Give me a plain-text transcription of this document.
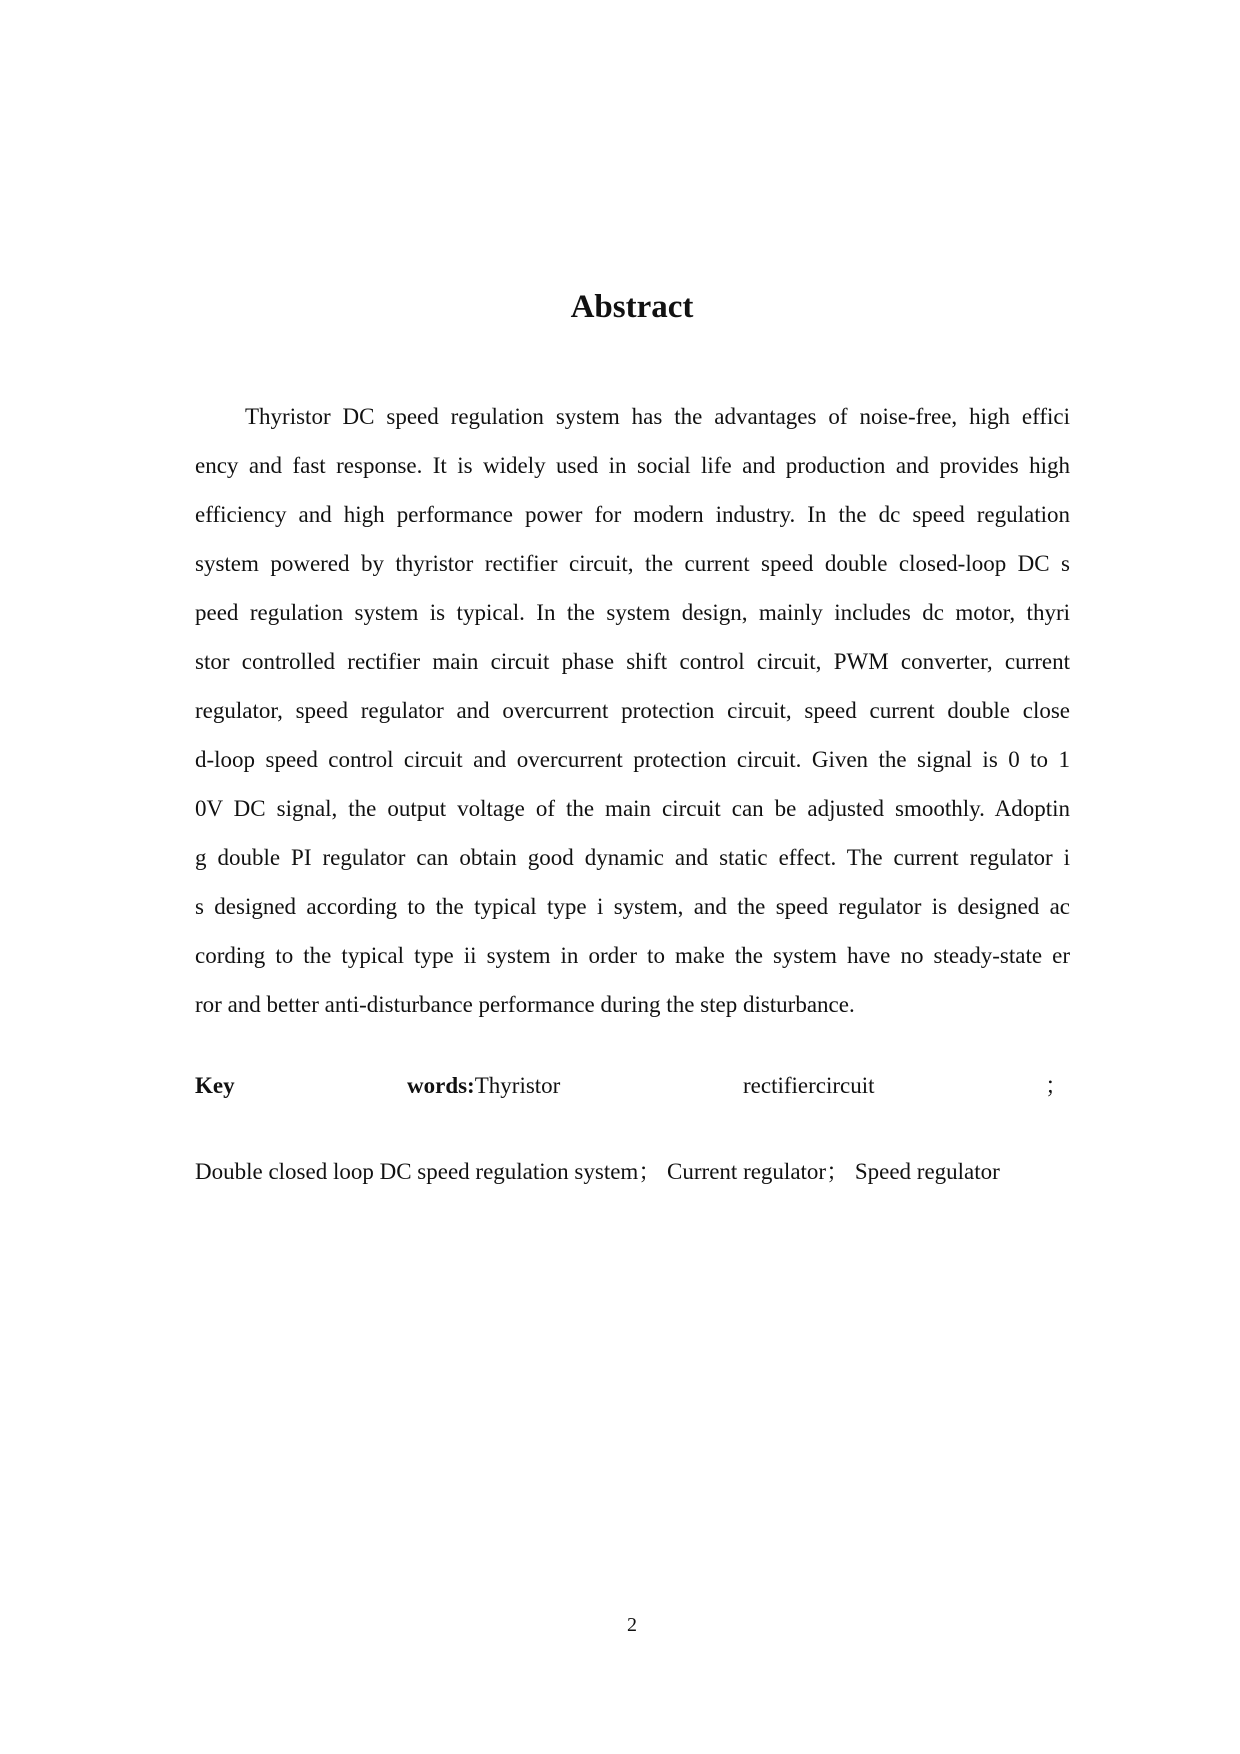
Abstract
Thyristor DC speed regulation system has the advantages of noise-free, high effici
ency and fast response. It is widely used in social life and production and provides high
efficiency and high performance power for modern industry. In the dc speed regulation
system powered by thyristor rectifier circuit, the current speed double closed-loop DC s
peed regulation system is typical. In the system design, mainly includes dc motor, thyri
stor controlled rectifier main circuit phase shift control circuit, PWM converter, current
regulator, speed regulator and overcurrent protection circuit, speed current double close
d-loop speed control circuit and overcurrent protection circuit. Given the signal is 0 to 1
0V DC signal, the output voltage of the main circuit can be adjusted smoothly. Adoptin
g double PI regulator can obtain good dynamic and static effect. The current regulator i
s designed according to the typical type i system, and the speed regulator is designed ac
cording to the typical type ii system in order to make the system have no steady-state er
ror and better anti-disturbance performance during the step disturbance.
Key	words:Thyristor	rectifiercircuit	；
Double closed loop DC speed regulation system； Current regulator； Speed regulator
2
